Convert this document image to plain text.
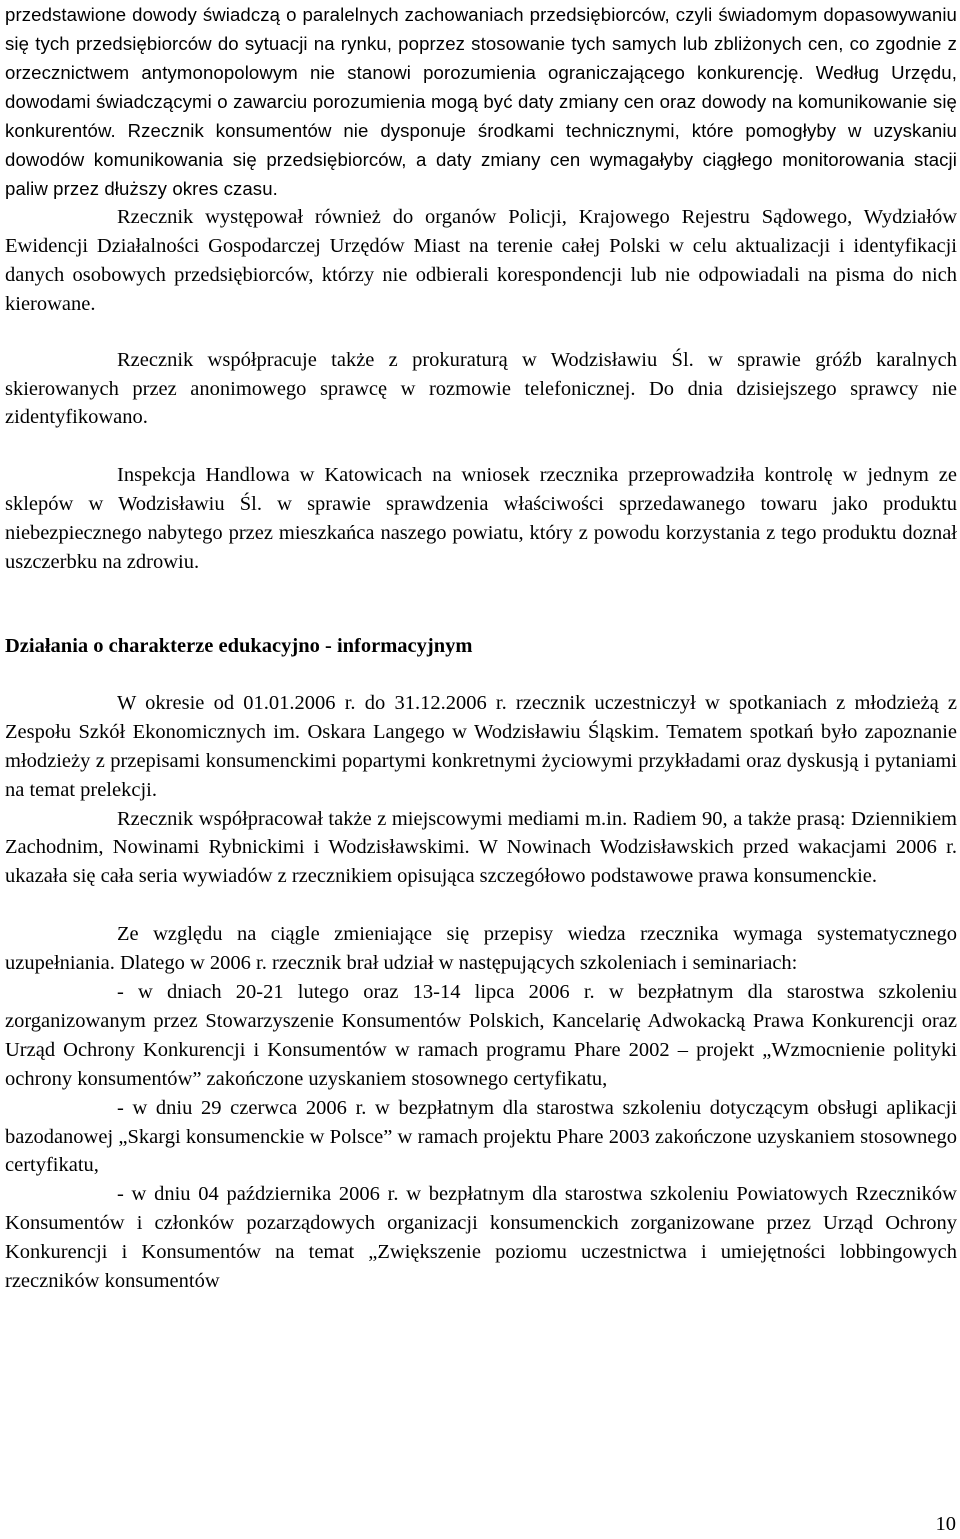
przedstawione dowody świadczą o paralelnych zachowaniach przedsiębiorców, czyli świadomym dopasowywaniu się tych przedsiębiorców do sytuacji na rynku, poprzez stosowanie tych samych lub zbliżonych cen, co zgodnie z orzecznictwem antymonopolowym nie stanowi porozumienia ograniczającego konkurencję. Według Urzędu, dowodami świadczącymi o zawarciu porozumienia mogą być daty zmiany cen oraz dowody na komunikowanie się konkurentów. Rzecznik konsumentów nie dysponuje środkami technicznymi, które pomogłyby w uzyskaniu dowodów komunikowania się przedsiębiorców, a daty zmiany cen wymagałyby ciągłego monitorowania stacji paliw przez dłuższy okres czasu.

Rzecznik występował również do organów Policji, Krajowego Rejestru Sądowego, Wydziałów Ewidencji Działalności Gospodarczej Urzędów Miast na terenie całej Polski w celu aktualizacji i identyfikacji danych osobowych przedsiębiorców, którzy nie odbierali korespondencji lub nie odpowiadali na pisma do nich kierowane.

Rzecznik współpracuje także z prokuraturą w Wodzisławiu Śl. w sprawie gróźb karalnych skierowanych przez anonimowego sprawcę w rozmowie telefonicznej. Do dnia dzisiejszego sprawcy nie zidentyfikowano.

Inspekcja Handlowa w Katowicach na wniosek rzecznika przeprowadziła kontrolę w jednym ze sklepów w Wodzisławiu Śl. w sprawie sprawdzenia właściwości sprzedawanego towaru jako produktu niebezpiecznego nabytego przez mieszkańca naszego powiatu, który z powodu korzystania z tego produktu doznał uszczerbku na zdrowiu.

Działania o charakterze edukacyjno - informacyjnym

W okresie od 01.01.2006 r. do 31.12.2006 r. rzecznik uczestniczył w spotkaniach z młodzieżą z Zespołu Szkół Ekonomicznych im. Oskara Langego w Wodzisławiu Śląskim. Tematem spotkań było zapoznanie młodzieży z przepisami konsumenckimi popartymi konkretnymi życiowymi przykładami oraz dyskusją i pytaniami na temat prelekcji.

Rzecznik współpracował także z miejscowymi mediami m.in. Radiem 90, a także prasą: Dziennikiem Zachodnim, Nowinami Rybnickimi i Wodzisławskimi. W Nowinach Wodzisławskich przed wakacjami 2006 r. ukazała się cała seria wywiadów z rzecznikiem opisująca szczegółowo podstawowe prawa konsumenckie.

Ze względu na ciągle zmieniające się przepisy wiedza rzecznika wymaga systematycznego uzupełniania. Dlatego w 2006 r. rzecznik brał udział w następujących szkoleniach i seminariach:

- w dniach 20-21 lutego oraz 13-14 lipca 2006 r. w bezpłatnym dla starostwa szkoleniu zorganizowanym przez Stowarzyszenie Konsumentów Polskich, Kancelarię Adwokacką Prawa Konkurencji oraz Urząd Ochrony Konkurencji i Konsumentów w ramach programu Phare 2002 – projekt „Wzmocnienie polityki ochrony konsumentów” zakończone uzyskaniem stosownego certyfikatu,

- w dniu 29 czerwca 2006 r. w bezpłatnym dla starostwa szkoleniu dotyczącym obsługi aplikacji bazodanowej „Skargi konsumenckie w Polsce” w ramach projektu Phare 2003 zakończone uzyskaniem stosownego certyfikatu,

- w dniu 04 października 2006 r. w bezpłatnym dla starostwa szkoleniu Powiatowych Rzeczników Konsumentów i członków pozarządowych organizacji konsumenckich zorganizowane przez Urząd Ochrony Konkurencji i Konsumentów na temat „Zwiększenie poziomu uczestnictwa i umiejętności lobbingowych rzeczników konsumentów

10
